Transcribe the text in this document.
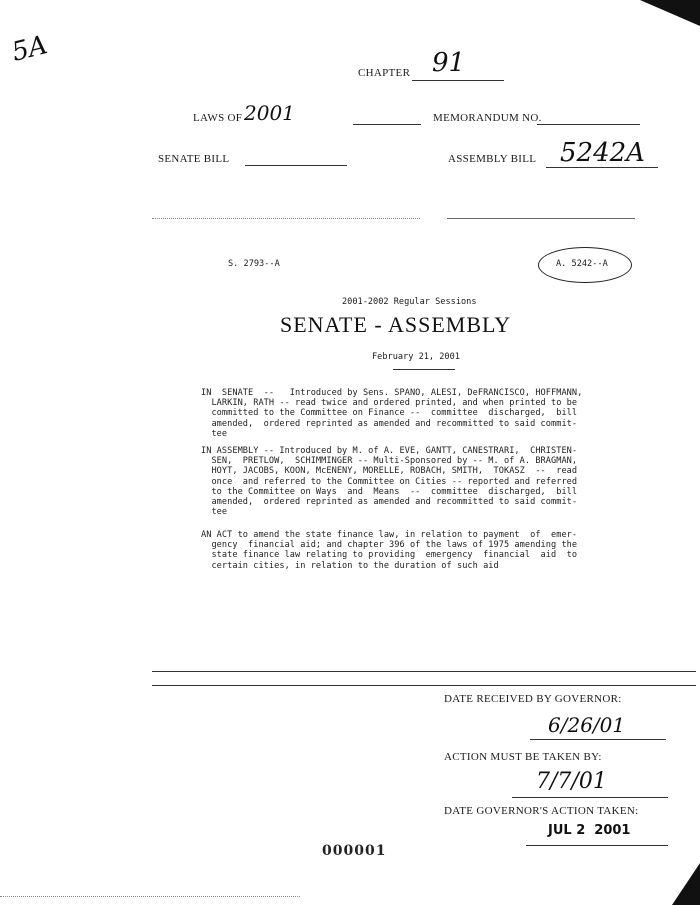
5A
CHAPTER 91
LAWS OF 2001	MEMORANDUM NO.
SENATE BILL	ASSEMBLY BILL 5242A
S. 2793--A	A. 5242--A
2001-2002 Regular Sessions
SENATE - ASSEMBLY
February 21, 2001
IN  SENATE  --   Introduced by Sens. SPANO, ALESI, DeFRANCISCO, HOFFMANN,
LARKIN, RATH -- read twice and ordered printed, and when printed to be
committed to the Committee on Finance --  committee  discharged,  bill
amended,  ordered reprinted as amended and recommitted to said commit-
tee
IN ASSEMBLY -- Introduced by M. of A. EVE, GANTT, CANESTRARI,  CHRISTEN-
SEN,  PRETLOW,  SCHIMMINGER -- Multi-Sponsored by -- M. of A. BRAGMAN,
HOYT, JACOBS, KOON, McENENY, MORELLE, ROBACH, SMITH,  TOKASZ  --  read
once  and referred to the Committee on Cities -- reported and referred
to the Committee on Ways  and  Means  --  committee  discharged,  bill
amended,  ordered reprinted as amended and recommitted to said commit-
tee
AN ACT to amend the state finance law, in relation to payment  of  emer-
gency  financial aid; and chapter 396 of the laws of 1975 amending the
state finance law relating to providing  emergency  financial  aid  to
certain cities, in relation to the duration of such aid
DATE RECEIVED BY GOVERNOR:
6/26/01
ACTION MUST BE TAKEN BY:
7/7/01
DATE GOVERNOR'S ACTION TAKEN:
JUL 2  2001
000001
